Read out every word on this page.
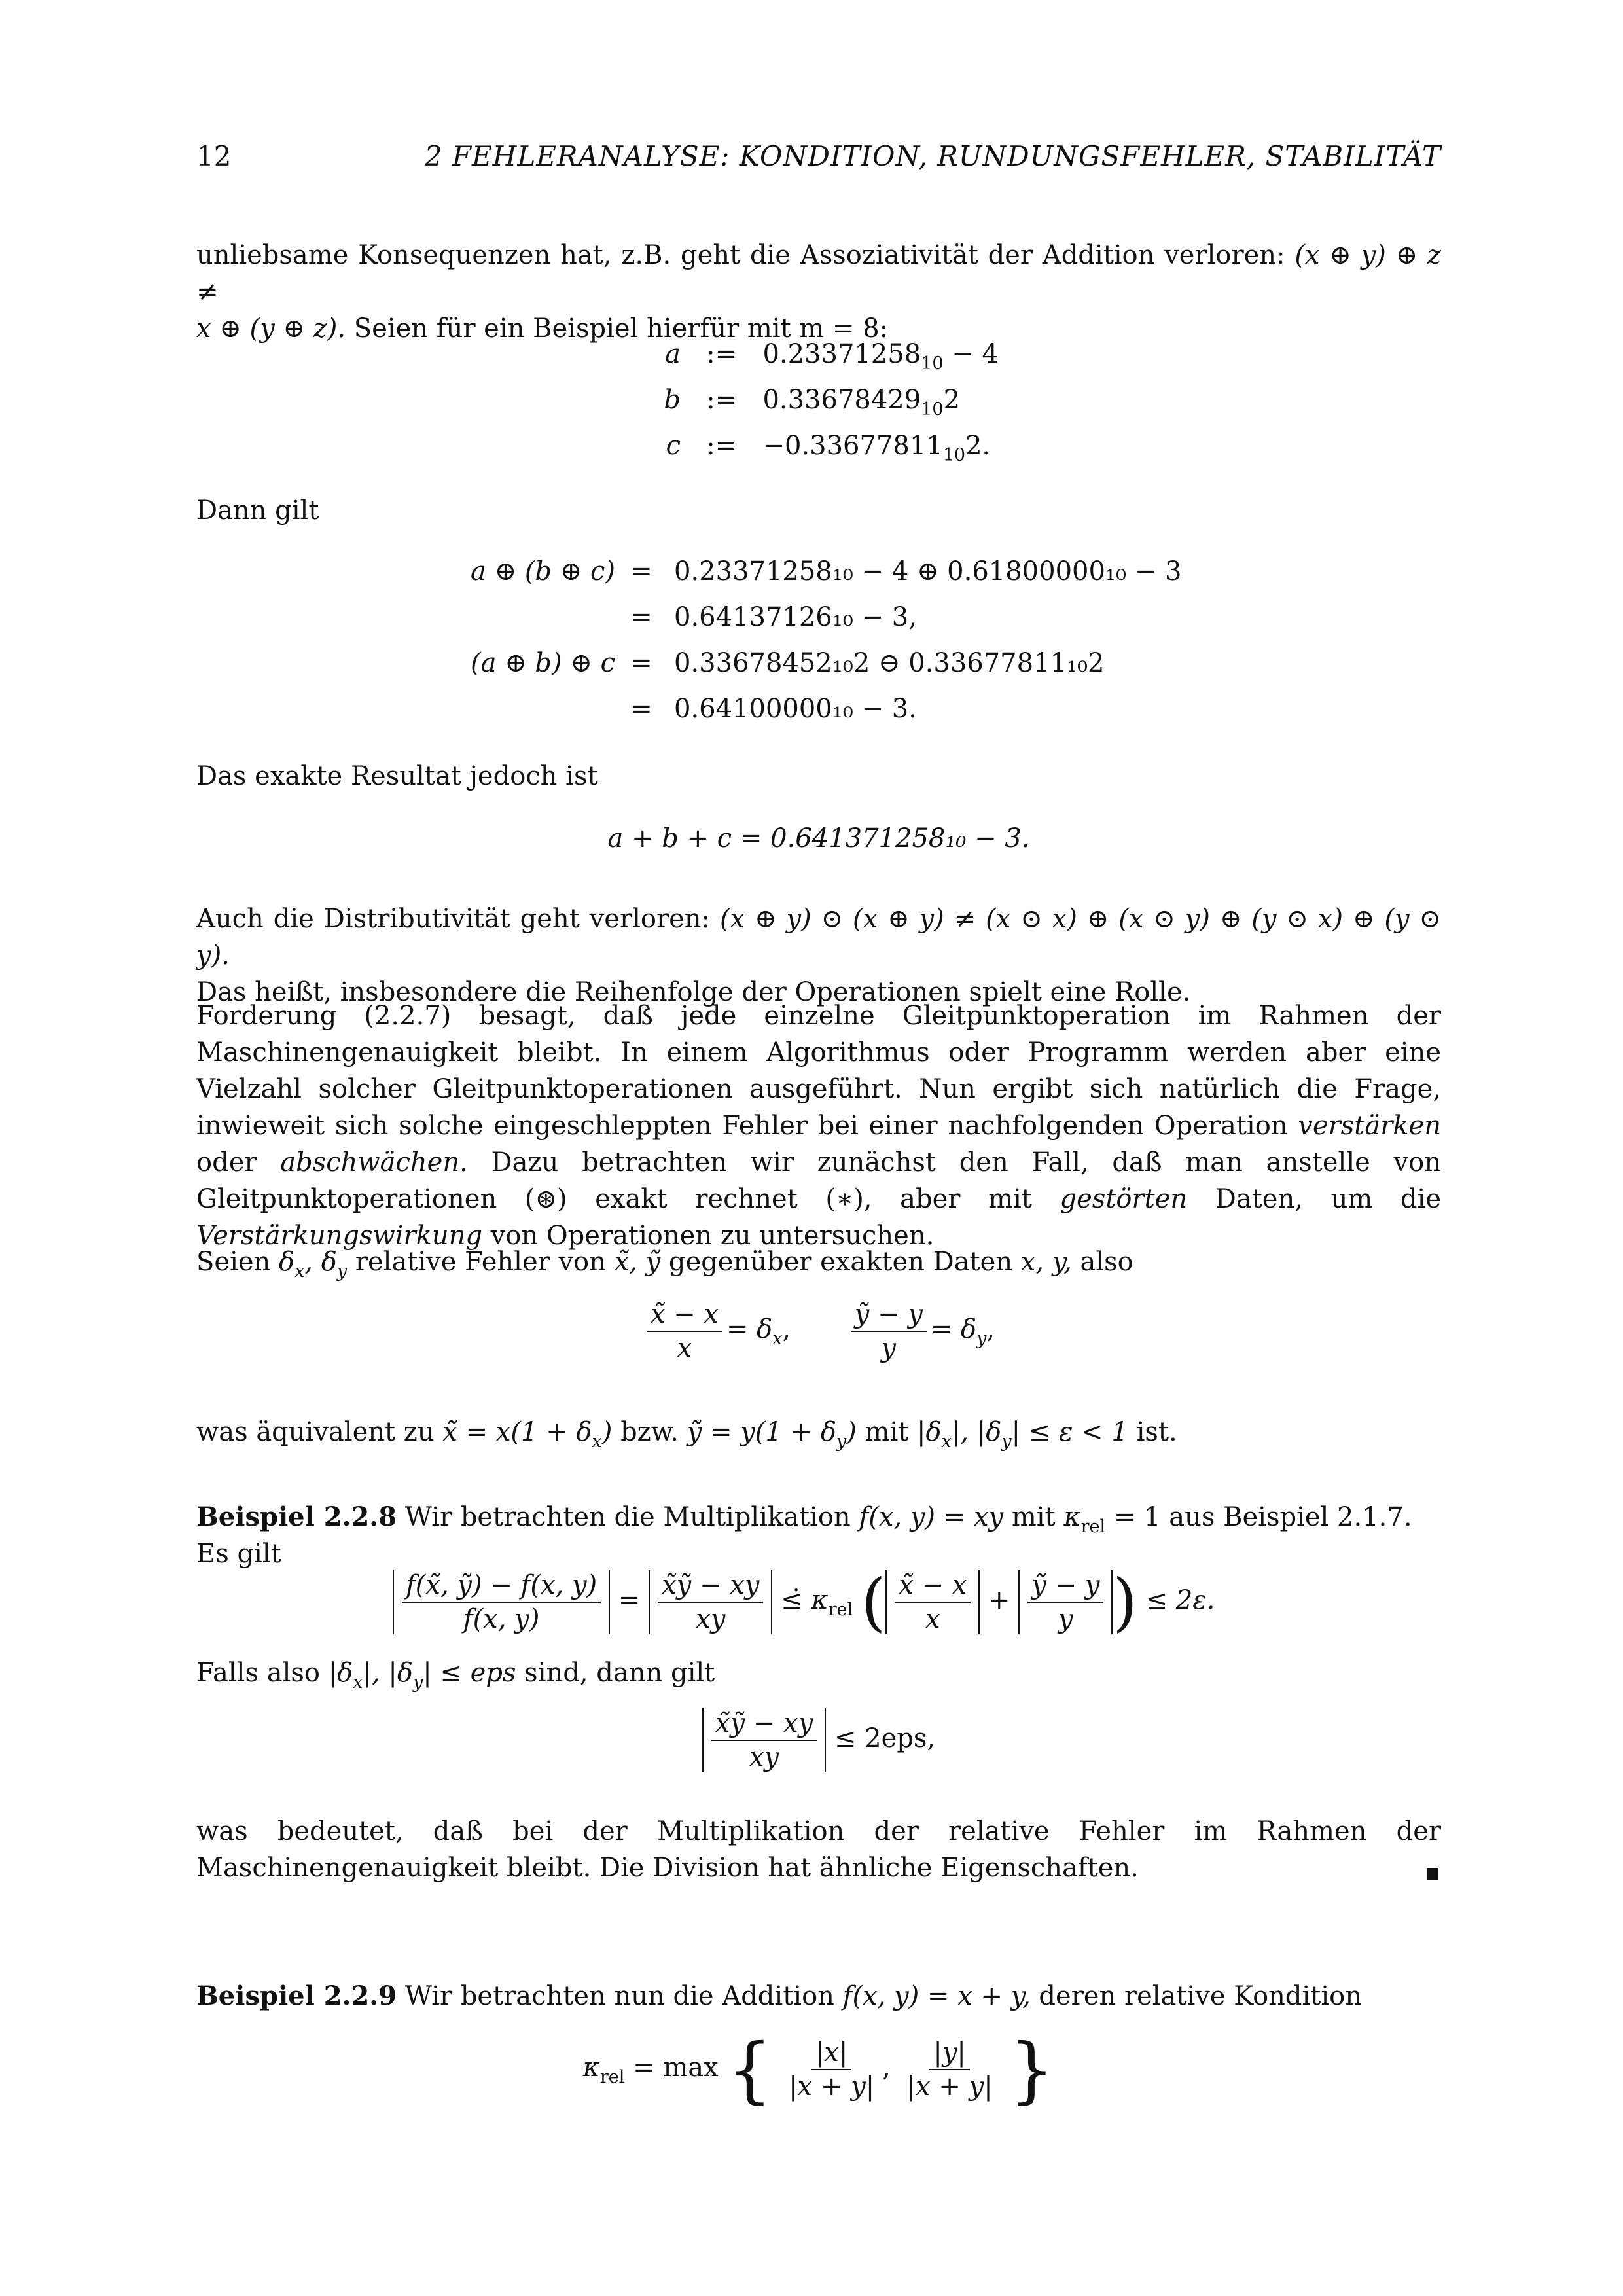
12	2 FEHLERANALYSE: KONDITION, RUNDUNGSFEHLER, STABILITÄT
unliebsame Konsequenzen hat, z.B. geht die Assoziativität der Addition verloren: (x ⊕ y) ⊕ z ≠
x ⊕ (y ⊕ z). Seien für ein Beispiel hierfür mit m = 8:
a := $0.23371258_{10} - 4$
b := $0.33678429_{10}2$
c := $-0.33677811_{10}2$.
Dann gilt
a ⊕ (b ⊕ c) = 0.23371258₁₀ − 4 ⊕ 0.61800000₁₀ − 3
= 0.64137126₁₀ − 3,
(a ⊕ b) ⊕ c = 0.33678452₁₀2 ⊖ 0.33677811₁₀2
= 0.64100000₁₀ − 3.
Das exakte Resultat jedoch ist
a + b + c = 0.641371258₁₀ − 3.
Auch die Distributivität geht verloren: (x ⊕ y) ⊙ (x ⊕ y) ≠ (x ⊙ x) ⊕ (x ⊙ y) ⊕ (y ⊙ x) ⊕ (y ⊙ y).
Das heißt, insbesondere die Reihenfolge der Operationen spielt eine Rolle.
Forderung (2.2.7) besagt, daß jede einzelne Gleitpunktoperation im Rahmen der Maschinengenauigkeit bleibt. In einem Algorithmus oder Programm werden aber eine Vielzahl solcher Gleitpunktoperationen ausgeführt. Nun ergibt sich natürlich die Frage, inwieweit sich solche eingeschleppten Fehler bei einer nachfolgenden Operation verstärken oder abschwächen. Dazu betrachten wir zunächst den Fall, daß man anstelle von Gleitpunktoperationen (⊛) exakt rechnet (∗), aber mit gestörten Daten, um die Verstärkungswirkung von Operationen zu untersuchen.
Seien $\delta_x$, $\delta_y$ relative Fehler von x̃, ỹ gegenüber exakten Daten x, y, also
$\frac{x̃ - x}{x} = \delta_x$, $\frac{\text{ỹ − y}}{y} = \delta_y$,
was äquivalent zu x̃ = $x(1 + \delta_x)$ bzw. ỹ = $y(1 + \delta_y)$ mit $|\delta_x|$, $|\delta_y| \le \varepsilon < 1$ ist.
Beispiel 2.2.8 Wir betrachten die Multiplikation f(x, y) = xy mit $\kappa_{rel} = 1$ aus Beispiel 2.1.7.
Es gilt
$\frac{\text{f(x̃, ỹ) − f(x, y)}}{f(x, y)} = \frac{\text{x̃ỹ − xy}}{xy}$ ≤̇ $\kappa_{rel}$ ( $\frac{x̃ - x}{x} + \frac{\text{ỹ − y}}{y}$ ) ≤ 2ε.
Falls also $|\delta_x|$, $|\delta_y|$ ≤ eps sind, dann gilt
$\frac{\text{x̃ỹ − xy}}{xy} \le 2eps$,
was bedeutet, daß bei der Multiplikation der relative Fehler im Rahmen der Maschinengenauigkeit bleibt. Die Division hat ähnliche Eigenschaften.
Beispiel 2.2.9 Wir betrachten nun die Addition f(x, y) = x + y, deren relative Kondition
$\kappa_{rel} = \max$ { $\frac{|x|}{|x + y|}$ , $\frac{|y|}{|x + y|}$ }
